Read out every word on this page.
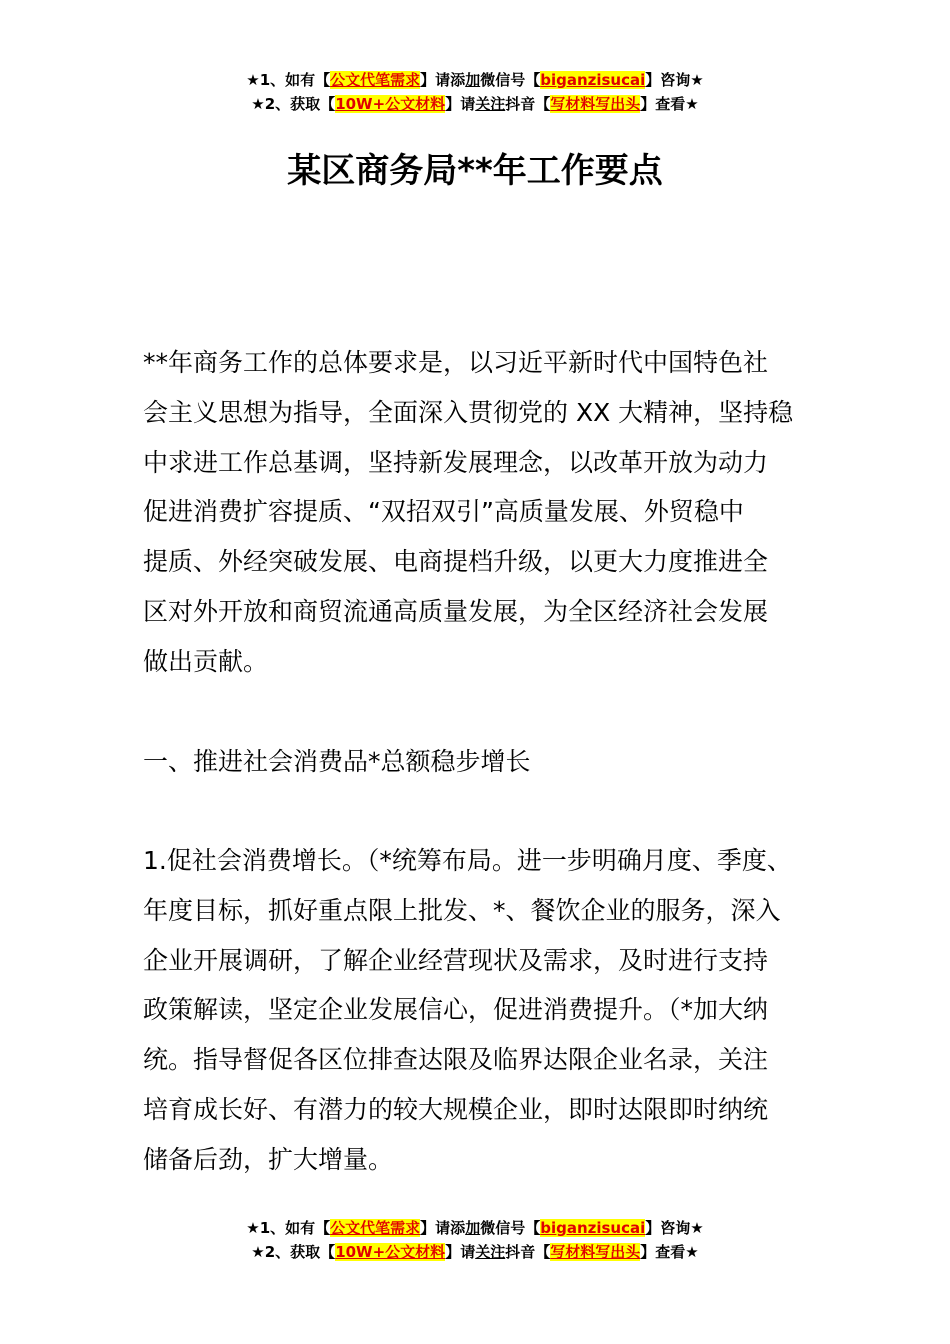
★1、如有【公文代笔需求】请添加微信号【biganzisucai】咨询★
★2、获取【10W+公文材料】请关注抖音【写材料写出头】查看★
某区商务局**年工作要点
**年商务工作的总体要求是，以习近平新时代中国特色社
会主义思想为指导，全面深入贯彻党的 XX 大精神，坚持稳
中求进工作总基调，坚持新发展理念，以改革开放为动力
促进消费扩容提质、“双招双引”高质量发展、外贸稳中
提质、外经突破发展、电商提档升级，以更大力度推进全
区对外开放和商贸流通高质量发展，为全区经济社会发展
做出贡献。
一、推进社会消费品*总额稳步增长
1.促社会消费增长。（*统筹布局。进一步明确月度、季度、
年度目标，抓好重点限上批发、*、餐饮企业的服务，深入
企业开展调研，了解企业经营现状及需求，及时进行支持
政策解读，坚定企业发展信心，促进消费提升。（*加大纳
统。指导督促各区位排查达限及临界达限企业名录，关注
培育成长好、有潜力的较大规模企业，即时达限即时纳统
储备后劲，扩大增量。
★1、如有【公文代笔需求】请添加微信号【biganzisucai】咨询★
★2、获取【10W+公文材料】请关注抖音【写材料写出头】查看★
